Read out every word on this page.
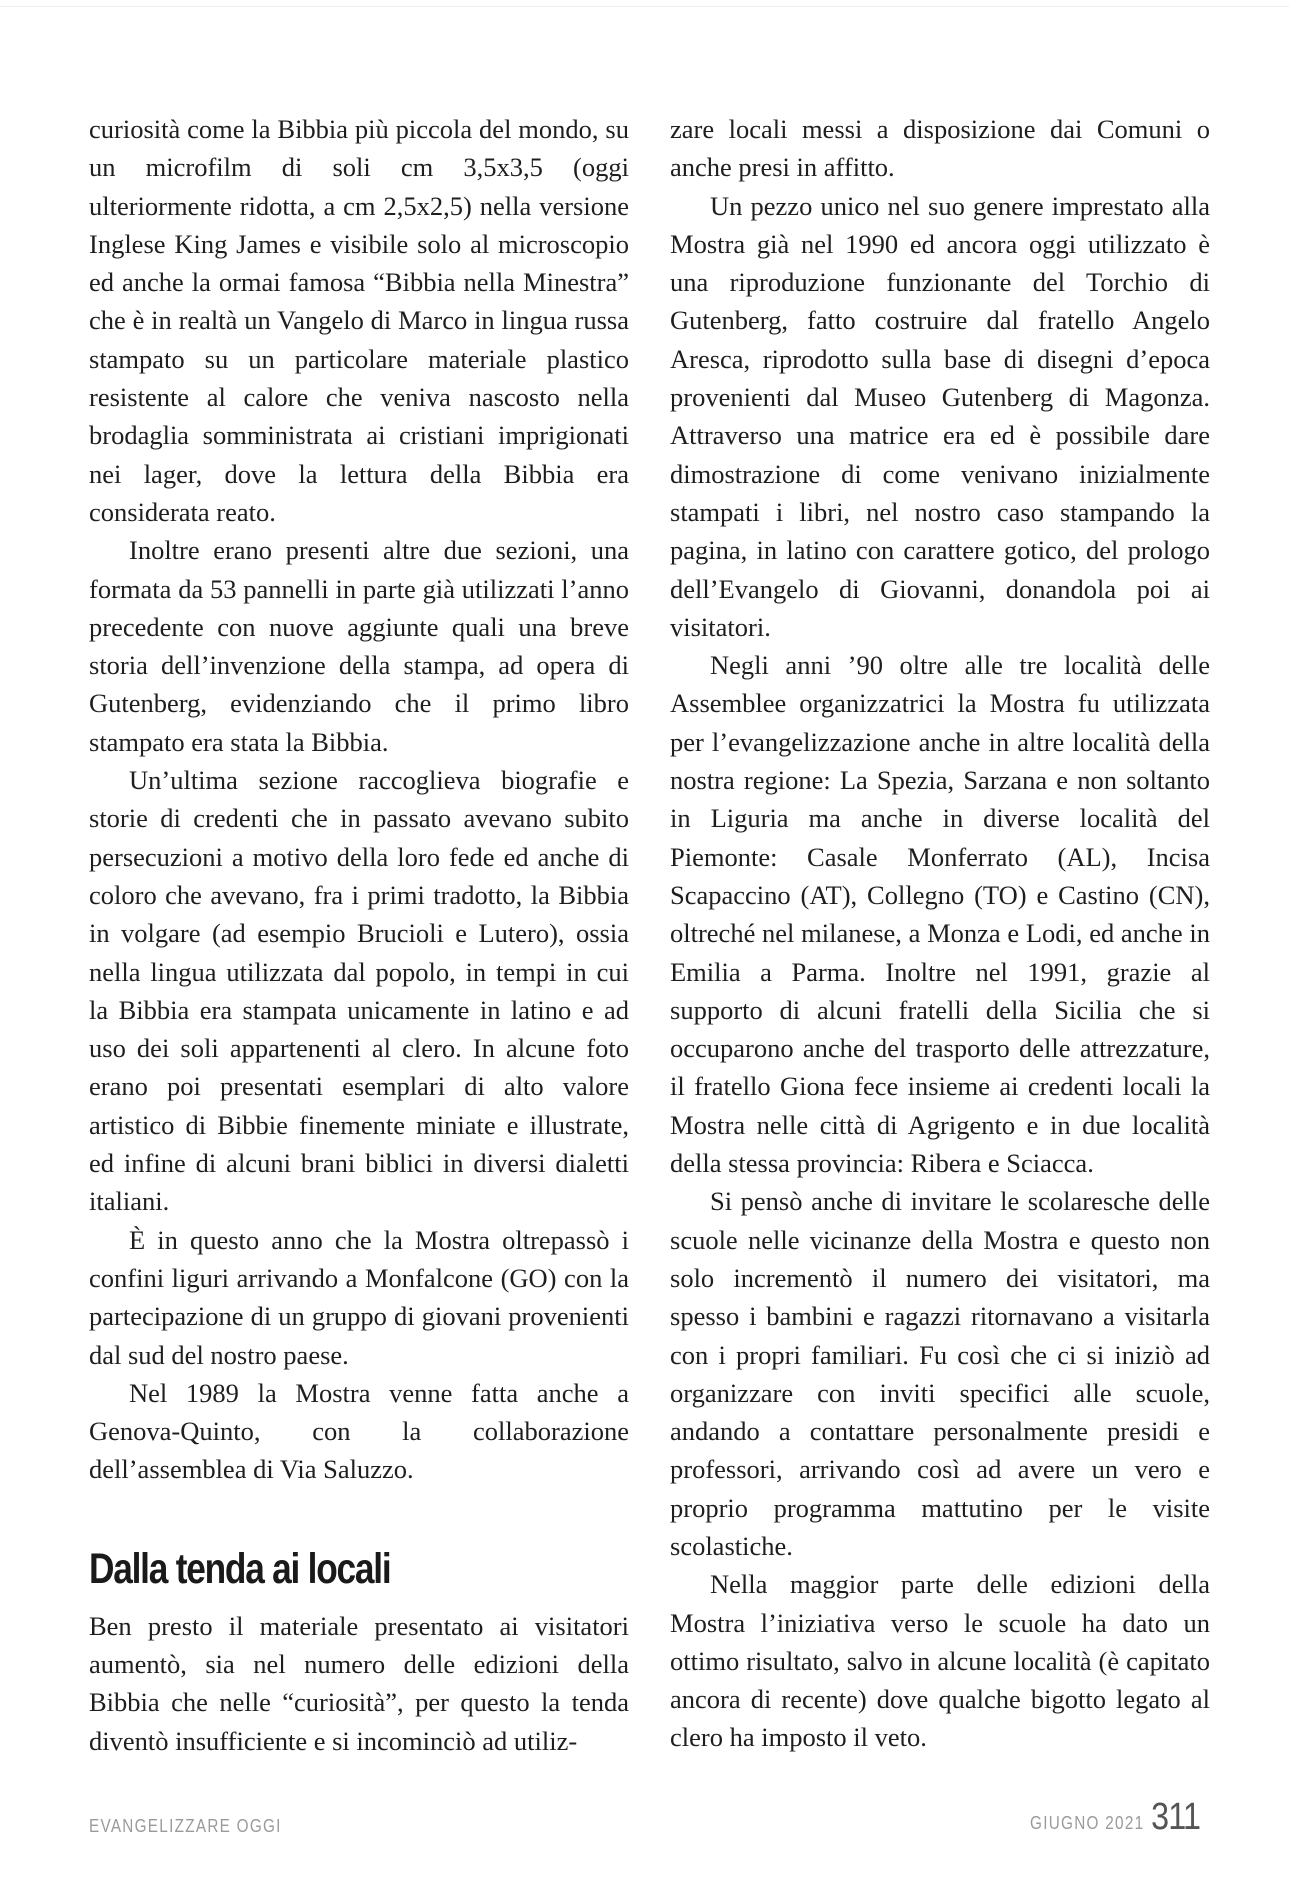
curiosità come la Bibbia più piccola del mondo, su un microfilm di soli cm 3,5x3,5 (oggi ulteriormente ridotta, a cm 2,5x2,5) nella versione Inglese King James e visibile solo al microscopio ed anche la ormai famosa “Bibbia nella Minestra” che è in realtà un Vangelo di Marco in lingua russa stampato su un particolare materiale plastico resistente al calore che veniva nascosto nella brodaglia somministrata ai cristiani imprigionati nei lager, dove la lettura della Bibbia era considerata reato.

Inoltre erano presenti altre due sezioni, una formata da 53 pannelli in parte già utilizzati l’anno precedente con nuove aggiunte quali una breve storia dell’invenzione della stampa, ad opera di Gutenberg, evidenziando che il primo libro stampato era stata la Bibbia.

Un’ultima sezione raccoglieva biografie e storie di credenti che in passato avevano subito persecuzioni a motivo della loro fede ed anche di coloro che avevano, fra i primi tradotto, la Bibbia in volgare (ad esempio Brucioli e Lutero), ossia nella lingua utilizzata dal popolo, in tempi in cui la Bibbia era stampata unicamente in latino e ad uso dei soli appartenenti al clero. In alcune foto erano poi presentati esemplari di alto valore artistico di Bibbie finemente miniate e illustrate, ed infine di alcuni brani biblici in diversi dialetti italiani.

È in questo anno che la Mostra oltrepassò i confini liguri arrivando a Monfalcone (GO) con la partecipazione di un gruppo di giovani provenienti dal sud del nostro paese.

Nel 1989 la Mostra venne fatta anche a Genova-Quinto, con la collaborazione dell’assemblea di Via Saluzzo.

Dalla tenda ai locali

Ben presto il materiale presentato ai visitatori aumentò, sia nel numero delle edizioni della Bibbia che nelle “curiosità”, per questo la tenda diventò insufficiente e si incominciò ad utiliz-

zare locali messi a disposizione dai Comuni o anche presi in affitto.

Un pezzo unico nel suo genere imprestato alla Mostra già nel 1990 ed ancora oggi utilizzato è una riproduzione funzionante del Torchio di Gutenberg, fatto costruire dal fratello Angelo Aresca, riprodotto sulla base di disegni d’epoca provenienti dal Museo Gutenberg di Magonza. Attraverso una matrice era ed è possibile dare dimostrazione di come venivano inizialmente stampati i libri, nel nostro caso stampando la pagina, in latino con carattere gotico, del prologo dell’Evangelo di Giovanni, donandola poi ai visitatori.

Negli anni ’90 oltre alle tre località delle Assemblee organizzatrici la Mostra fu utilizzata per l’evangelizzazione anche in altre località della nostra regione: La Spezia, Sarzana e non soltanto in Liguria ma anche in diverse località del Piemonte: Casale Monferrato (AL), Incisa Scapaccino (AT), Collegno (TO) e Castino (CN), oltreché nel milanese, a Monza e Lodi, ed anche in Emilia a Parma. Inoltre nel 1991, grazie al supporto di alcuni fratelli della Sicilia che si occuparono anche del trasporto delle attrezzature, il fratello Giona fece insieme ai credenti locali la Mostra nelle città di Agrigento e in due località della stessa provincia: Ribera e Sciacca.

Si pensò anche di invitare le scolaresche delle scuole nelle vicinanze della Mostra e questo non solo incrementò il numero dei visitatori, ma spesso i bambini e ragazzi ritornavano a visitarla con i propri familiari. Fu così che ci si iniziò ad organizzare con inviti specifici alle scuole, andando a contattare personalmente presidi e professori, arrivando così ad avere un vero e proprio programma mattutino per le visite scolastiche.

Nella maggior parte delle edizioni della Mostra l’iniziativa verso le scuole ha dato un ottimo risultato, salvo in alcune località (è capitato ancora di recente) dove qualche bigotto legato al clero ha imposto il veto.

EVANGELIZZARE OGGI	GIUGNO 2021 311
